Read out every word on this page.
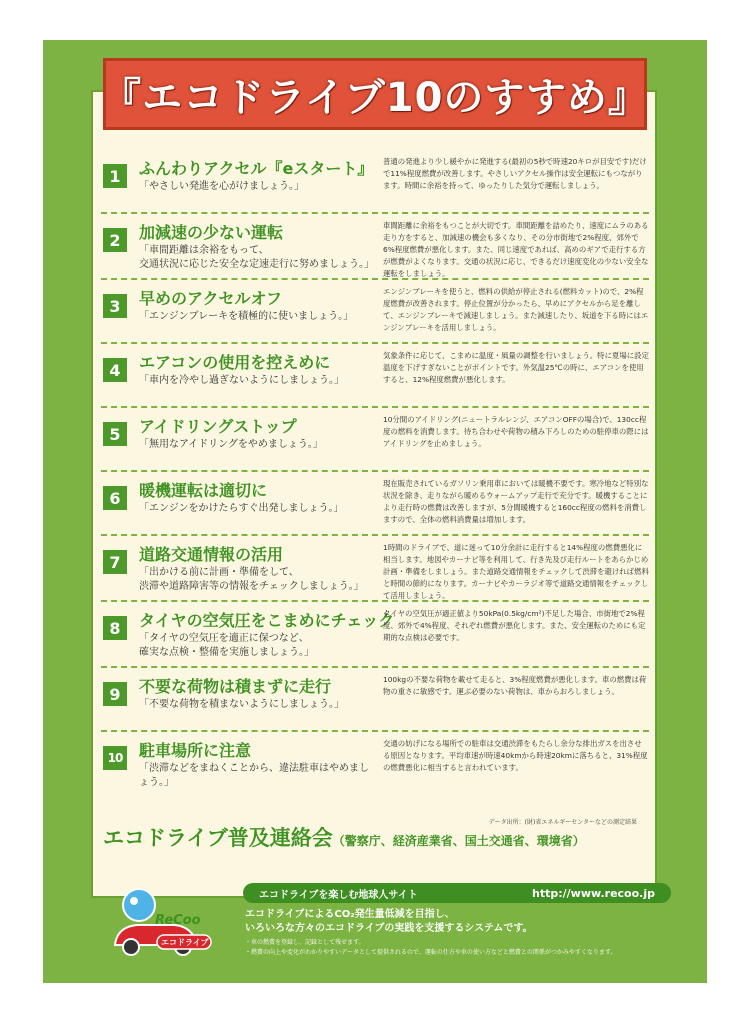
『エコドライブ10のすすめ』
1	ふんわりアクセル『eスタート』
「やさしい発進を心がけましょう。」
普通の発進より少し緩やかに発進する(最初の5秒で時速20キロが目安です)だけで11%程度燃費が改善します。やさしいアクセル操作は安全運転にもつながります。時間に余裕を持って、ゆったりした気分で運転しましょう。
2	加減速の少ない運転
「車間距離は余裕をもって、
交通状況に応じた安全な定速走行に努めましょう。」
車間距離に余裕をもつことが大切です。車間距離を詰めたり、速度にムラのある走り方をすると、加減速の機会も多くなり、その分市街地で2%程度、郊外で6%程度燃費が悪化します。また、同じ速度であれば、高めのギアで走行する方が燃費がよくなります。交通の状況に応じ、できるだけ速度変化の少ない安全な運転をしましょう。
3	早めのアクセルオフ
「エンジンブレーキを積極的に使いましょう。」
エンジンブレーキを使うと、燃料の供給が停止される(燃料カット)ので、2%程度燃費が改善されます。停止位置が分かったら、早めにアクセルから足を離して、エンジンブレーキで減速しましょう。また減速したり、坂道を下る時にはエンジンブレーキを活用しましょう。
4	エアコンの使用を控えめに
「車内を冷やし過ぎないようにしましょう。」
気象条件に応じて、こまめに温度・風量の調整を行いましょう。特に夏場に設定温度を下げすぎないことがポイントです。外気温25℃の時に、エアコンを使用すると、12%程度燃費が悪化します。
5	アイドリングストップ
「無用なアイドリングをやめましょう。」
10分間のアイドリング(ニュートラルレンジ、エアコンOFFの場合)で、130cc程度の燃料を消費します。待ち合わせや荷物の積み下ろしのための駐停車の際にはアイドリングを止めましょう。
6	暖機運転は適切に
「エンジンをかけたらすぐ出発しましょう。」
現在販売されているガソリン乗用車においては暖機不要です。寒冷地など特別な状況を除き、走りながら暖めるウォームアップ走行で充分です。暖機することにより走行時の燃費は改善しますが、5分間暖機すると160cc程度の燃料を消費しますので、全体の燃料消費量は増加します。
7	道路交通情報の活用
「出かける前に計画・準備をして、
渋滞や道路障害等の情報をチェックしましょう。」
1時間のドライブで、道に迷って10分余計に走行すると14%程度の燃費悪化に相当します。地図やカーナビ等を利用して、行き先及び走行ルートをあらかじめ計画・準備をしましょう。また道路交通情報をチェックして渋滞を避ければ燃料と時間の節約になります。カーナビやカーラジオ等で道路交通情報をチェックして活用しましょう。
8	タイヤの空気圧をこまめにチェック
「タイヤの空気圧を適正に保つなど、
確実な点検・整備を実施しましょう。」
タイヤの空気圧が適正値より50kPa(0.5kg/cm²)不足した場合、市街地で2%程度、郊外で4%程度、それぞれ燃費が悪化します。また、安全運転のためにも定期的な点検は必要です。
9	不要な荷物は積まずに走行
「不要な荷物を積まないようにしましょう。」
100kgの不要な荷物を載せて走ると、3%程度燃費が悪化します。車の燃費は荷物の重さに敏感です。運ぶ必要のない荷物は、車からおろしましょう。
10 駐車場所に注意
「渋滞などをまねくことから、違法駐車はやめましょう。」
交通の妨げになる場所での駐車は交通渋滞をもたらし余分な排出ガスを出させる原因となります。平均車速が時速40kmから時速20kmに落ちると、31%程度の燃費悪化に相当すると言われています。
データ出所：(財)省エネルギーセンターなどの測定結果
エコドライブ普及連絡会（警察庁、経済産業省、国土交通省、環境省）
ReCoo
エコドライブ
エコドライブを楽しむ地球人サイト	http://www.recoo.jp
エコドライブによるCO₂発生量低減を目指し、
いろいろな方々のエコドライブの実践を支援するシステムです。
・車の燃費を登録し、記録として残せます。
・燃費の向上や変化がわかりやすいデータとして提供されるので、運転の仕方や車の使い方などと燃費との関係がつかみやすくなります。
